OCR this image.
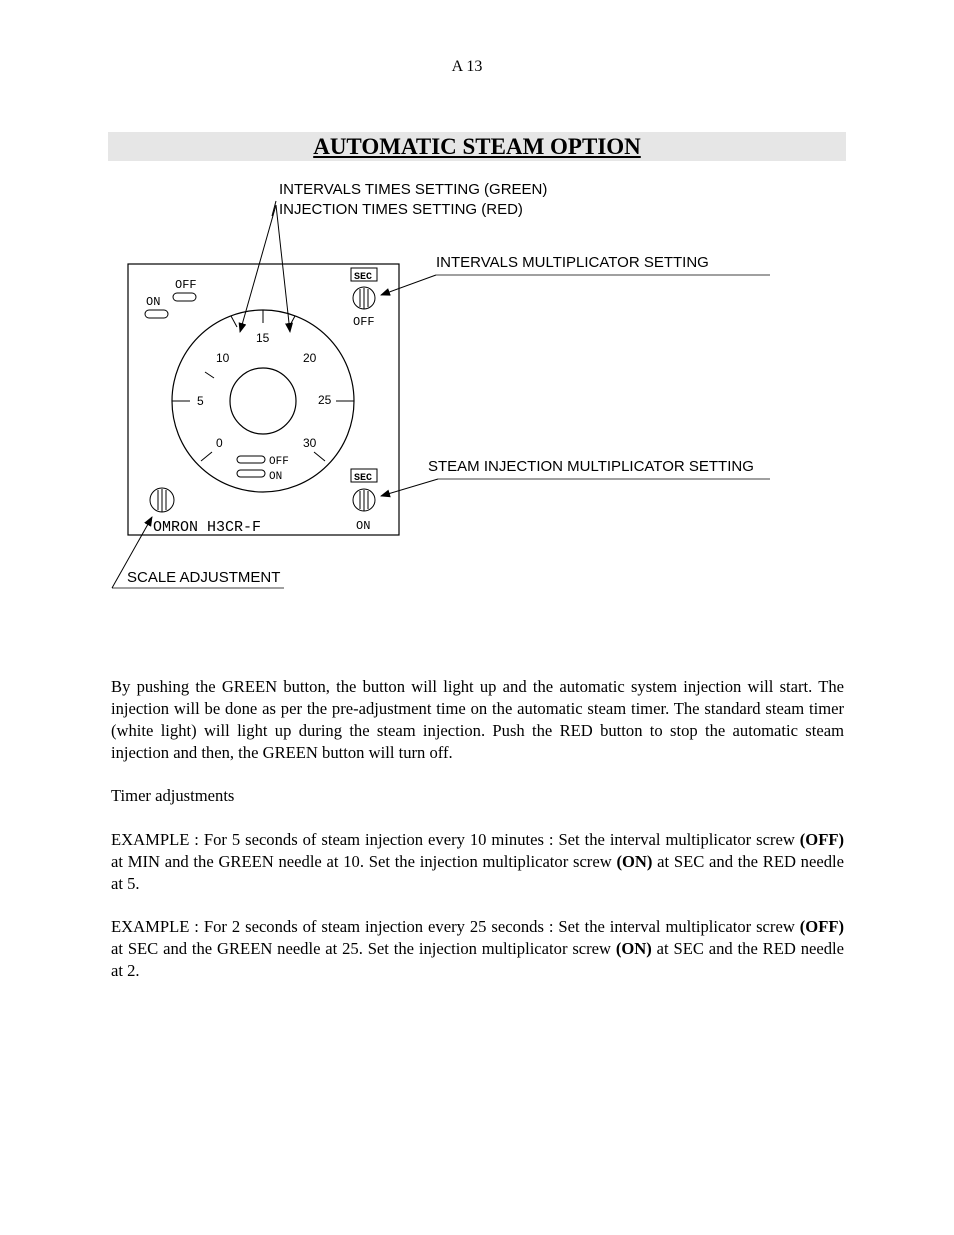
A 13
AUTOMATIC STEAM OPTION
OFF
ON
SEC
OFF
15
10	20
5	25
0	30
OFF
ON	SEC
ON
OMRON H3CR-F
INTERVALS TIMES SETTING (GREEN)
INJECTION TIMES SETTING (RED)
INTERVALS MULTIPLICATOR SETTING
STEAM INJECTION MULTIPLICATOR SETTING
SCALE ADJUSTMENT

By pushing the GREEN button, the button will light up and the automatic system injection will start. The injection will be done as per the pre-adjustment time on the automatic steam timer. The standard steam timer (white light) will light up during the steam injection. Push the RED button to stop the automatic steam injection and then, the GREEN button will turn off.

Timer adjustments
EXAMPLE : For 5 seconds of steam injection every 10 minutes : Set the interval multiplicator screw (OFF) at MIN and the GREEN needle at 10. Set the injection multiplicator screw (ON) at SEC and the RED needle at 5.
EXAMPLE : For 2 seconds of steam injection every 25 seconds : Set the interval multiplicator screw (OFF) at SEC and the GREEN needle at 25. Set the injection multiplicator screw (ON) at SEC and the RED needle at 2.
